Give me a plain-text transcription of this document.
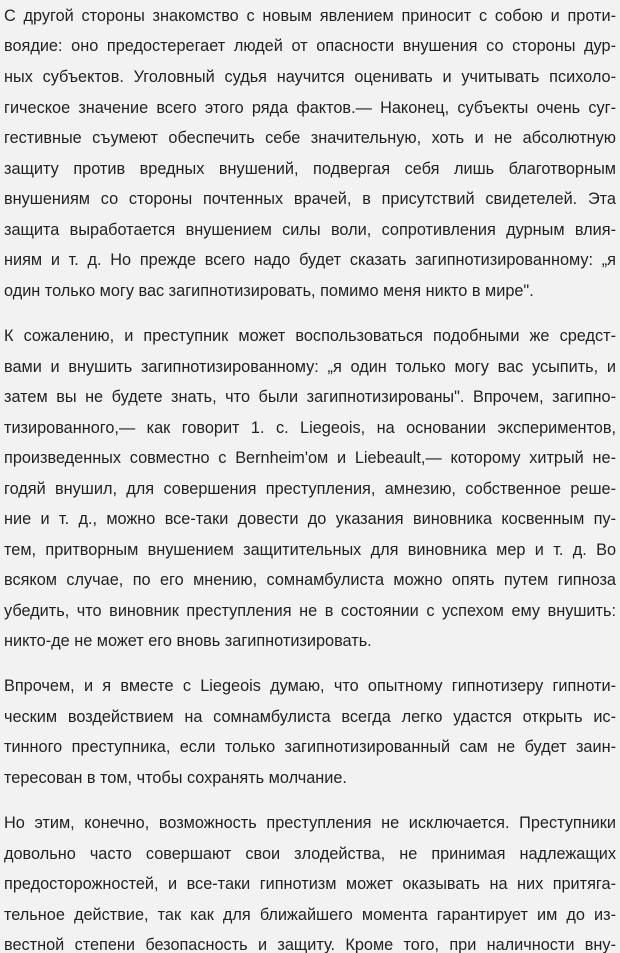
С другой стороны знакомство с новым явлением приносит с собою и проти-
воядие: оно предостерегает людей от опасности внушения со стороны дур-
ных субъектов. Уголовный судья научится оценивать и учитывать психоло-
гическое значение всего этого ряда фактов.— Наконец, субъекты очень суг-
гестивные съумеют обеспечить себе значительную, хоть и не абсолютную
защиту против вредных внушений, подвергая себя лишь благотворным
внушениям со стороны почтенных врачей, в присутствий свидетелей. Эта
защита выработается внушением силы воли, сопротивления дурным влия-
ниям и т. д. Но прежде всего надо будет сказать загипнотизированному: „я
один только могу вас загипнотизировать, помимо меня никто в мире".
К сожалению, и преступник может воспользоваться подобными же средст-
вами и внушить загипнотизированному: „я один только могу вас усыпить, и
затем вы не будете знать, что были загипнотизированы". Впрочем, загипно-
тизированного,— как говорит 1. с. Liegeois, на основании экспериментов,
произведенных совместно с Bernheim'ом и Liebeault,— которому хитрый не-
годяй внушил, для совершения преступления, амнезию, собственное реше-
ние и т. д., можно все-таки довести до указания виновника косвенным пу-
тем, притворным внушением защитительных для виновника мер и т. д. Во
всяком случае, по его мнению, сомнамбулиста можно опять путем гипноза
убедить, что виновник преступления не в состоянии с успехом ему внушить:
никто-де не может его вновь загипнотизировать.
Впрочем, и я вместе с Liegeois думаю, что опытному гипнотизеру гипноти-
ческим воздействием на сомнамбулиста всегда легко удастся открыть ис-
тинного преступника, если только загипнотизированный сам не будет заин-
тересован в том, чтобы сохранять молчание.
Но этим, конечно, возможность преступления не исключается. Преступники
довольно часто совершают свои злодейства, не принимая надлежащих
предосторожностей, и все-таки гипнотизм может оказывать на них притяга-
тельное действие, так как для ближайшего момента гарантирует им до из-
вестной степени безопасность и защиту. Кроме того, при наличности вну-
